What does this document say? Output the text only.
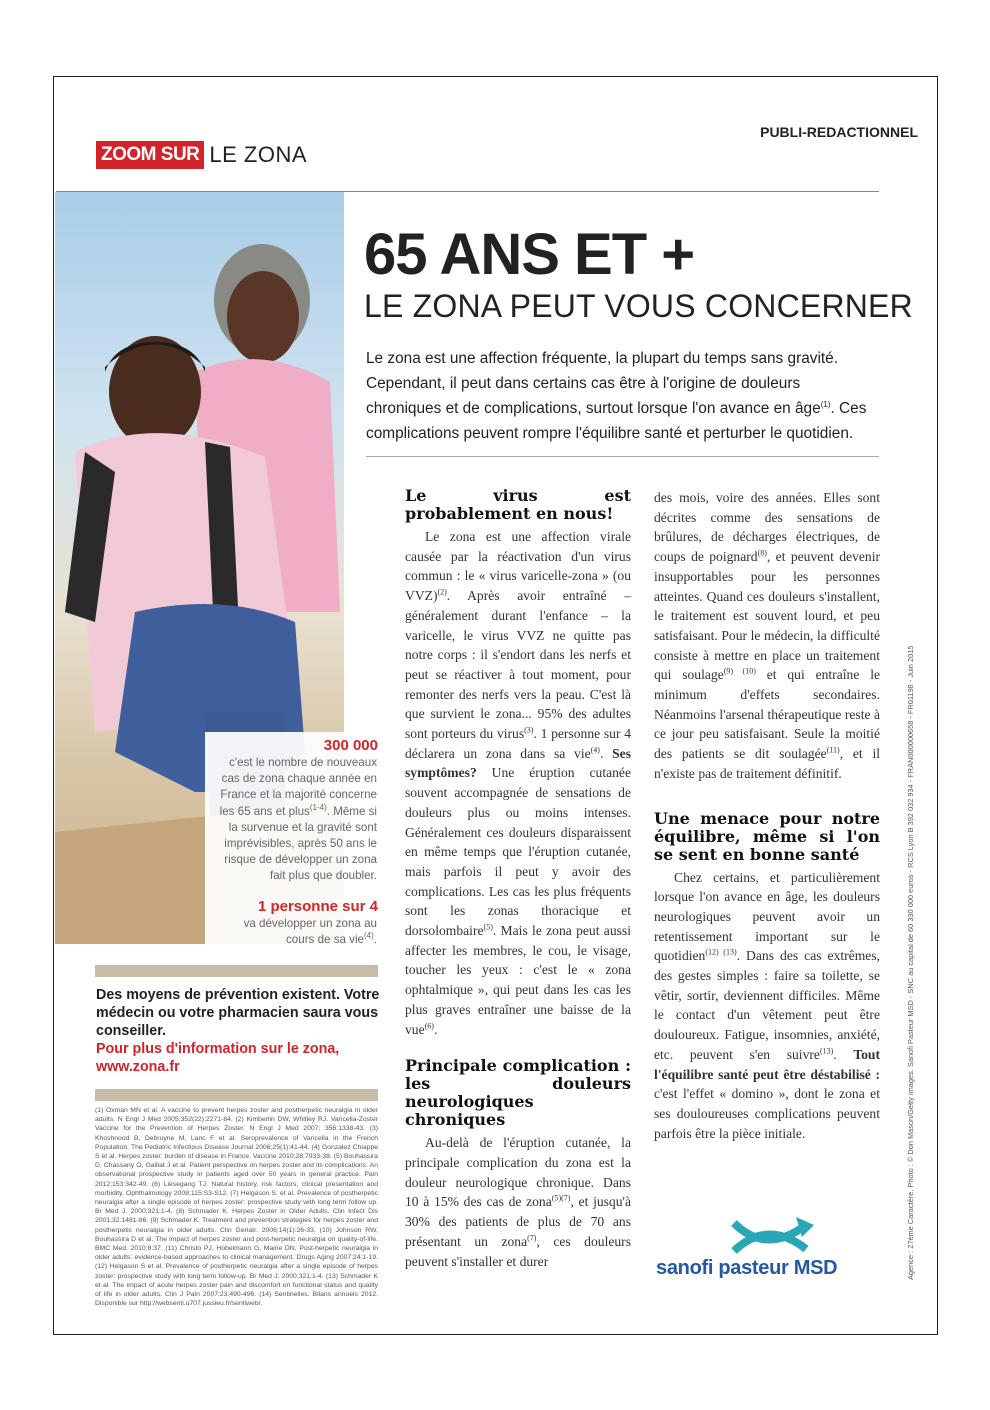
ZOOM SUR LE ZONA
PUBLI-REDACTIONNEL
300 000
c'est le nombre de nouveaux cas de zona chaque année en France et la majorité concerne les 65 ans et plus$^{(1-4)}$. Même si la survenue et la gravité sont imprévisibles, après 50 ans le risque de développer un zona fait plus que doubler.
1 personne sur 4
va développer un zona au cours de sa vie$^{(4)}$.
65 ANS ET +
LE ZONA PEUT VOUS CONCERNER
Le zona est une affection fréquente, la plupart du temps sans gravité. Cependant, il peut dans certains cas être à l'origine de douleurs chroniques et de complications, surtout lorsque l'on avance en âge$^{(1)}$. Ces complications peuvent rompre l'équilibre santé et perturber le quotidien.
Le virus est probablement en nous!

Le zona est une affection virale causée par la réactivation d'un virus commun : le « virus varicelle-zona » (ou VVZ)$^{(2)}$. Après avoir entraîné – généralement durant l'enfance – la varicelle, le virus VVZ ne quitte pas notre corps : il s'endort dans les nerfs et peut se réactiver à tout moment, pour remonter des nerfs vers la peau. C'est là que survient le zona... 95% des adultes sont porteurs du virus$^{(3)}$. 1 personne sur 4 déclarera un zona dans sa vie$^{(4)}$. Ses symptômes? Une éruption cutanée souvent accompagnée de sensations de douleurs plus ou moins intenses. Généralement ces douleurs disparaissent en même temps que l'éruption cutanée, mais parfois il peut y avoir des complications. Les cas les plus fréquents sont les zonas thoracique et dorsolombaire$^{(5)}$. Mais le zona peut aussi affecter les membres, le cou, le visage, toucher les yeux : c'est le « zona ophtalmique », qui peut dans les cas les plus graves entraîner une baisse de la vue$^{(6)}$.

Principale complication : les douleurs neurologiques chroniques

Au-delà de l'éruption cutanée, la principale complication du zona est la douleur neurologique chronique. Dans 10 à 15% des cas de zona$^{(5)(7)}$, et jusqu'à 30% des patients de plus de 70 ans présentant un zona$^{(7)}$, ces douleurs peuvent s'installer et durer

des mois, voire des années. Elles sont décrites comme des sensations de brûlures, de décharges électriques, de coups de poignard$^{(8)}$, et peuvent devenir insupportables pour les personnes atteintes. Quand ces douleurs s'installent, le traitement est souvent lourd, et peu satisfaisant. Pour le médecin, la difficulté consiste à mettre en place un traitement qui soulage$^{(9) (10)}$ et qui entraîne le minimum d'effets secondaires. Néanmoins l'arsenal thérapeutique reste à ce jour peu satisfaisant. Seule la moitié des patients se dit soulagée$^{(11)}$, et il n'existe pas de traitement définitif.

Une menace pour notre équilibre, même si l'on se sent en bonne santé

Chez certains, et particulièrement lorsque l'on avance en âge, les douleurs neurologiques peuvent avoir un retentissement important sur le quotidien$^{(12) (13)}$. Dans des cas extrêmes, des gestes simples : faire sa toilette, se vêtir, sortir, deviennent difficiles. Même le contact d'un vêtement peut être douloureux. Fatigue, insomnies, anxiété, etc. peuvent s'en suivre$^{(13)}$. Tout l'équilibre santé peut être déstabilisé : c'est l'effet « domino », dont le zona et ses douloureuses complications peuvent parfois être la pièce initiale.

Des moyens de prévention existent. Votre médecin ou votre pharmacien saura vous conseiller.
Pour plus d'information sur le zona,
www.zona.fr
(1) Oxman MN et al. A vaccine to prevent herpes zoster and postherpetic neuralgia in older adults. N Engl J Med 2005;352(22):2271-84. (2) Kimberlin DW, Whitley RJ. Varicella-Zoster Vaccine for the Prevention of Herpes Zoster. N Engl J Med 2007; 356:1338-43. (3) Khoshnood B, Debruyne M, Lanc F et al. Seroprevalence of Varicella in the French Population. The Pediatric Infectious Disease Journal 2006;25(1):41-44. (4) Gonzalez Chiappe S et al. Herpes zoster: burden of disease in France. Vaccine 2010;28:7933-38. (5) Bouhassira D, Chassany O, Gaillat J et al. Patient perspective on herpes zoster and its complications: An observational prospective study in patients aged over 50 years in general practice. Pain 2012;153:342-49. (6) Liesegang TJ. Natural history, risk factors, clinical presentation and morbidity. Ophthalmology 2008;115:S3-S12. (7) Helgason S. et al. Prevalence of postherpetic neuralgia after a single episode of herpes zoster: prospective study with long term follow up. Br Med J. 2000;321:1-4. (8) Schmader K. Herpes Zoster in Older Adults. Clin Infect Dis 2001;32:1481-86. (9) Schmader K. Treatment and prevention strategies for herpes zoster and postherpetic neuralgia in older adults. Clin Geriatr. 2006;14(1):26-33. (10) Johnson RW, Bouhassira D et al. The impact of herpes zoster and post-herpetic neuralgia on quality-of-life. BMC Med. 2010;8:37. (11) Christo PJ, Hobelmann G, Maine DN. Post-herpetic neuralgia in older adults: evidence-based approaches to clinical management. Drugs Aging 2007;24:1-19. (12) Helgason S et al. Prevalence of postherpetic neuralgia after a single episode of herpes zoster: prospective study with long term follow-up. Br Med J. 2000;321:1-4. (13) Schmader K et al. The impact of acute herpes zoster pain and discomfort on functional status and quality of life in older adults. Clin J Pain 2007;23:490-496. (14) Sentinelles. Bilans annuels 2012. Disponible sur http://websenti.u707.jussieu.fr/sentiweb/.
sanofi pasteur MSD	Agence : 27ème Caractère. Photo : © Don Mason/Getty images. Sanofi Pasteur MSD - SNC au capital de 60 330 000 euros - RCS Lyon B 392 032 934 - FRAN000000658 - FR01198 - Juin 2015
